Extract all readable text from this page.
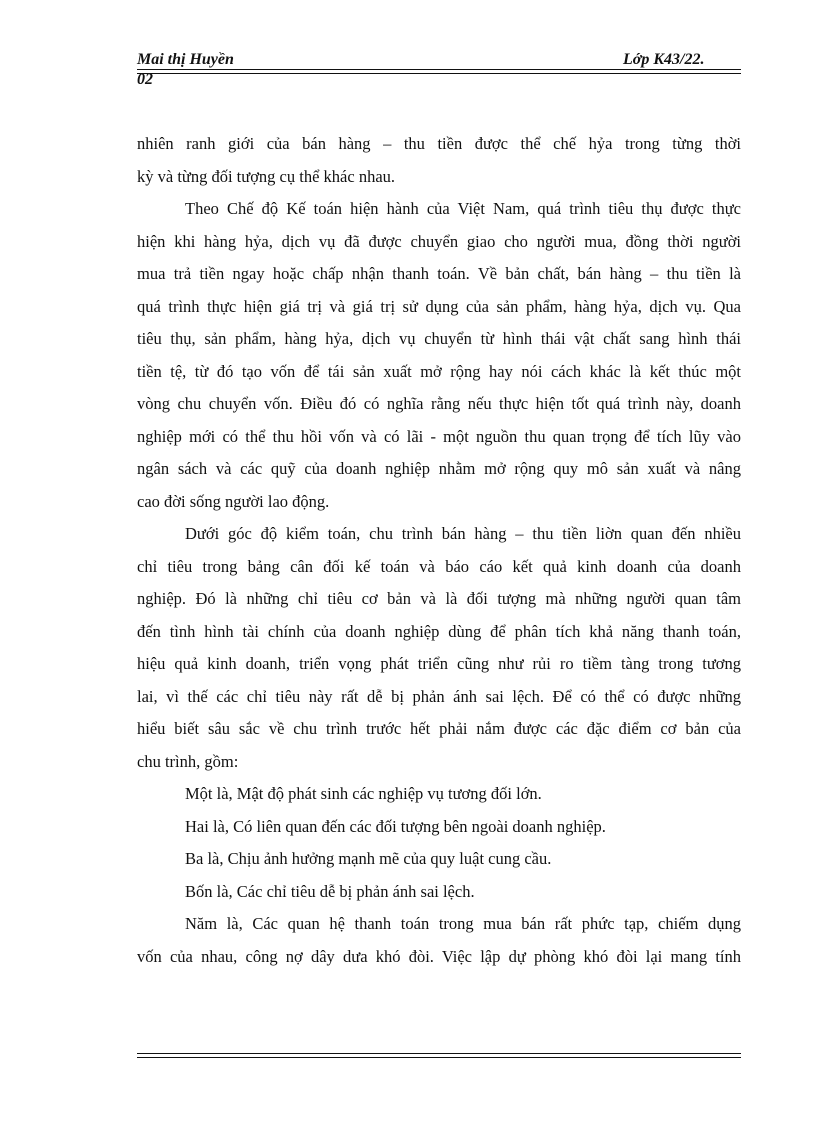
Mai thị Huyền
02
Lớp K43/22.
nhiên ranh giới của bán hàng – thu tiền được thể chế hỷa trong từng thời
kỳ và từng đối tượng cụ thể khác nhau.
Theo Chế độ Kế toán hiện hành của Việt Nam, quá trình tiêu thụ được thực
hiện khi hàng hỷa, dịch vụ đã được chuyển giao cho người mua, đồng thời người
mua trả tiền ngay hoặc chấp nhận thanh toán. Về bản chất, bán hàng – thu tiền là
quá trình thực hiện giá trị và giá trị sử dụng của sản phẩm, hàng hỷa, dịch vụ. Qua
tiêu thụ, sản phẩm, hàng hỷa, dịch vụ chuyển từ hình thái vật chất sang hình thái
tiền tệ, từ đó tạo vốn để tái sản xuất mở rộng hay nói cách khác là kết thúc một
vòng chu chuyển vốn. Điều đó có nghĩa rằng nếu thực hiện tốt quá trình này, doanh
nghiệp mới có thể thu hồi vốn và có lãi - một nguồn thu quan trọng để tích lũy vào
ngân sách và các quỹ của doanh nghiệp nhằm mở rộng quy mô sản xuất và nâng
cao đời sống người lao động.
Dưới góc độ kiểm toán, chu trình bán hàng – thu tiền liờn quan đến nhiều
chỉ tiêu trong bảng cân đối kế toán và báo cáo kết quả kinh doanh của doanh
nghiệp. Đó là những chỉ tiêu cơ bản và là đối tượng mà những người quan tâm
đến tình hình tài chính của doanh nghiệp dùng để phân tích khả năng thanh toán,
hiệu quả kinh doanh, triển vọng phát triển cũng như rủi ro tiềm tàng trong tương
lai, vì thế các chỉ tiêu này rất dễ bị phản ánh sai lệch. Để có thể có được những
hiểu biết sâu sắc về chu trình trước hết phải nắm được các đặc điểm cơ bản của
chu trình, gồm:
Một là, Mật độ phát sinh các nghiệp vụ tương đối lớn.
Hai là, Có liên quan đến các đối tượng bên ngoài doanh nghiệp.
Ba là, Chịu ảnh hưởng mạnh mẽ của quy luật cung cầu.
Bốn là, Các chỉ tiêu dễ bị phản ánh sai lệch.
Năm là, Các quan hệ thanh toán trong mua bán rất phức tạp, chiếm dụng
vốn của nhau, công nợ dây dưa khó đòi. Việc lập dự phòng khó đòi lại mang tính
